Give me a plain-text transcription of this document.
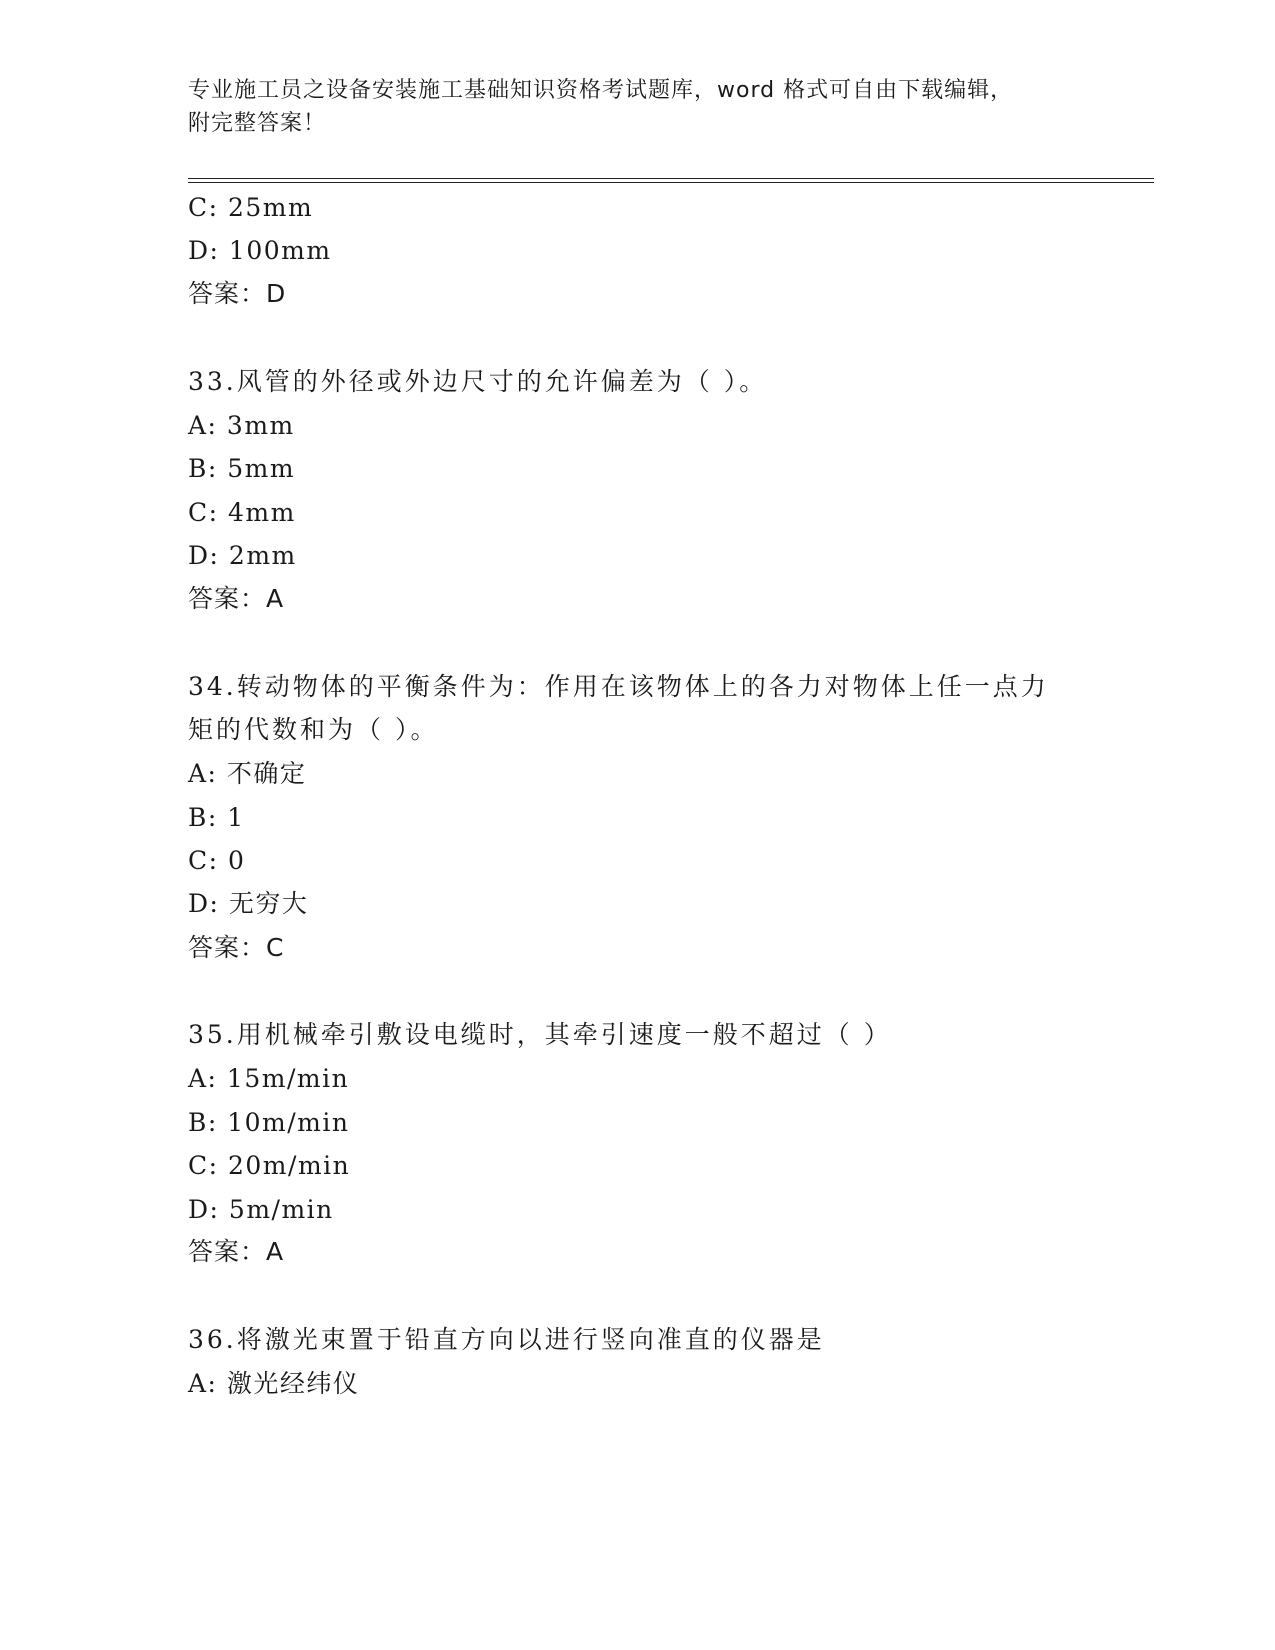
专业施工员之设备安装施工基础知识资格考试题库，word 格式可自由下载编辑，
附完整答案！
C: 25mm
D: 100mm
答案：D
33.风管的外径或外边尺寸的允许偏差为（ ）。
A: 3mm
B: 5mm
C: 4mm
D: 2mm
答案：A
34.转动物体的平衡条件为：作用在该物体上的各力对物体上任一点力
矩的代数和为（ ）。
A: 不确定
B: 1
C: 0
D: 无穷大
答案：C
35.用机械牵引敷设电缆时，其牵引速度一般不超过（ ）
A: 15m/min
B: 10m/min
C: 20m/min
D: 5m/min
答案：A
36.将激光束置于铅直方向以进行竖向准直的仪器是
A: 激光经纬仪
